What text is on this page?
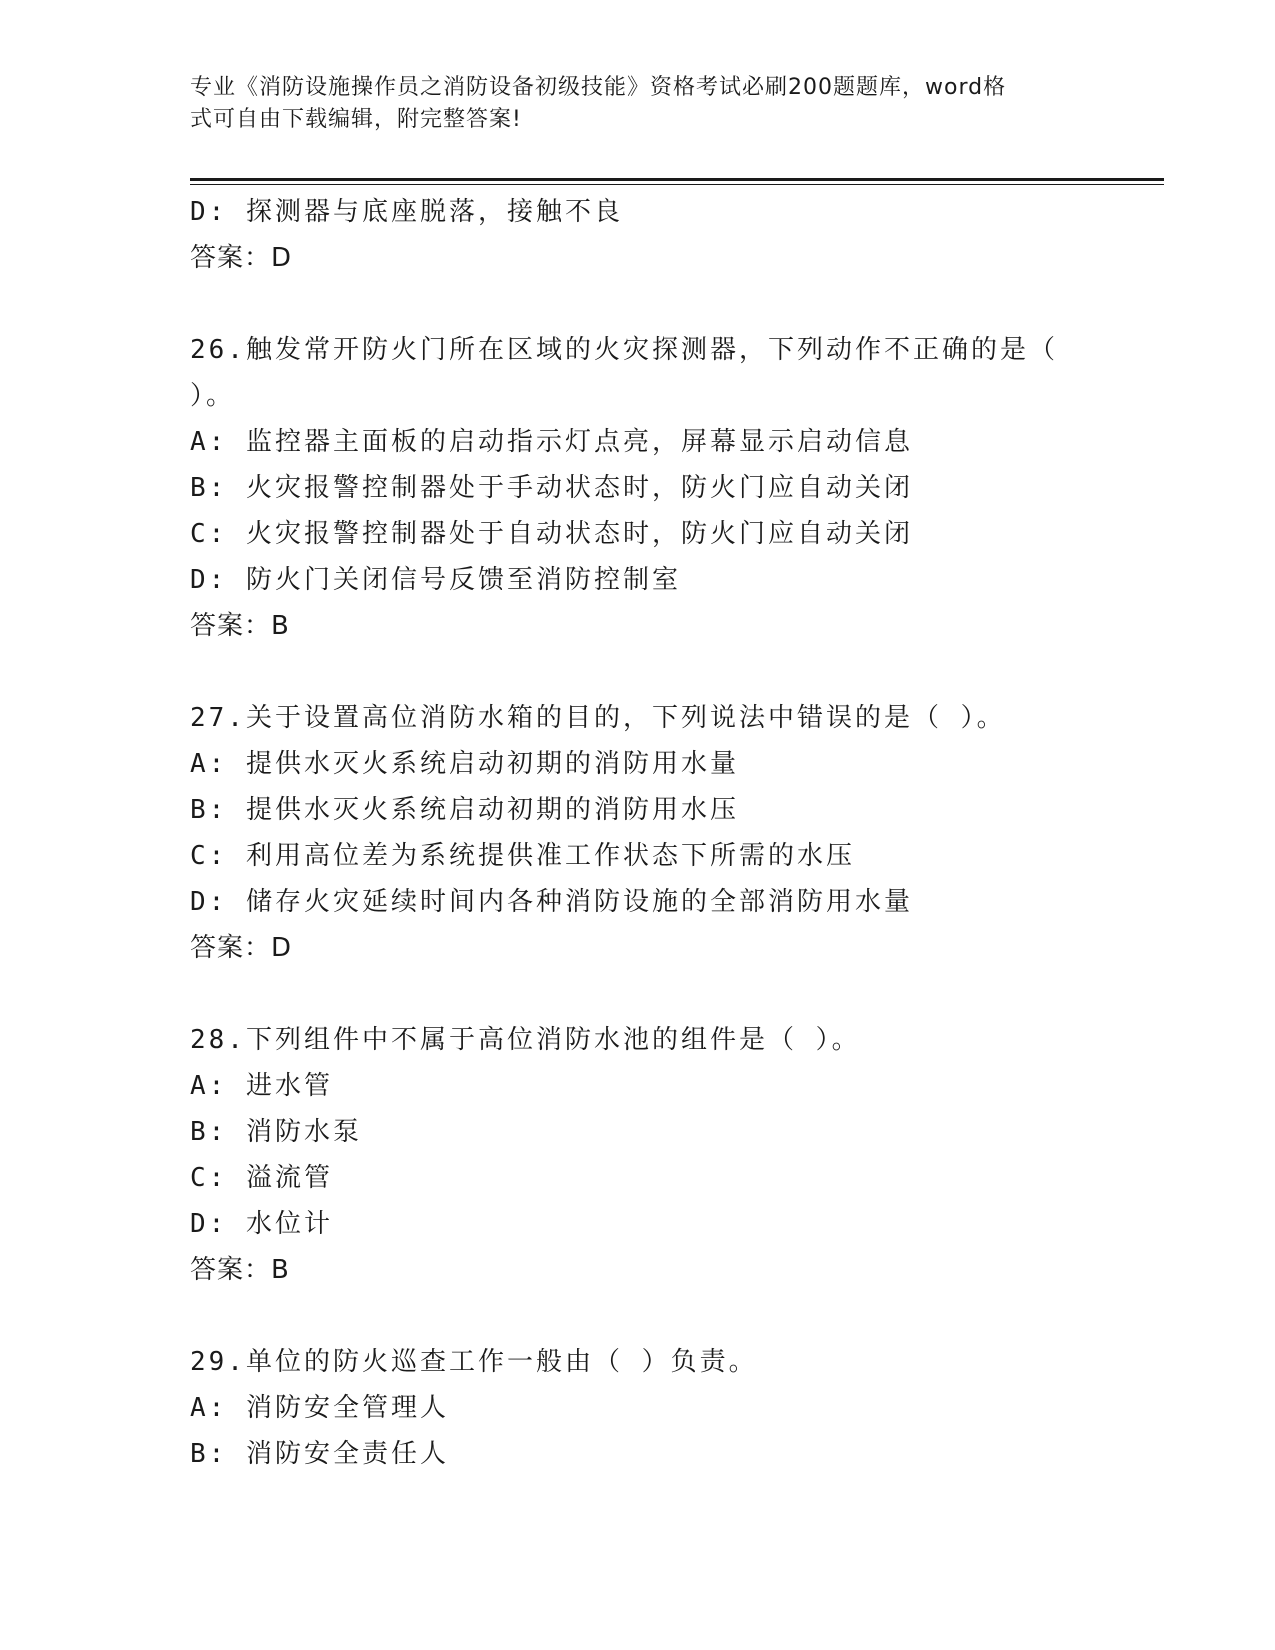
专业《消防设施操作员之消防设备初级技能》资格考试必刷200题题库，word格
式可自由下载编辑，附完整答案!
D: 探测器与底座脱落，接触不良
答案：D
26.触发常开防火门所在区域的火灾探测器，下列动作不正确的是（
）。
A: 监控器主面板的启动指示灯点亮，屏幕显示启动信息
B: 火灾报警控制器处于手动状态时，防火门应自动关闭
C: 火灾报警控制器处于自动状态时，防火门应自动关闭
D: 防火门关闭信号反馈至消防控制室
答案：B
27.关于设置高位消防水箱的目的，下列说法中错误的是（ ）。
A: 提供水灭火系统启动初期的消防用水量
B: 提供水灭火系统启动初期的消防用水压
C: 利用高位差为系统提供准工作状态下所需的水压
D: 储存火灾延续时间内各种消防设施的全部消防用水量
答案：D
28.下列组件中不属于高位消防水池的组件是（ ）。
A: 进水管
B: 消防水泵
C: 溢流管
D: 水位计
答案：B
29.单位的防火巡查工作一般由（ ）负责。
A: 消防安全管理人
B: 消防安全责任人
